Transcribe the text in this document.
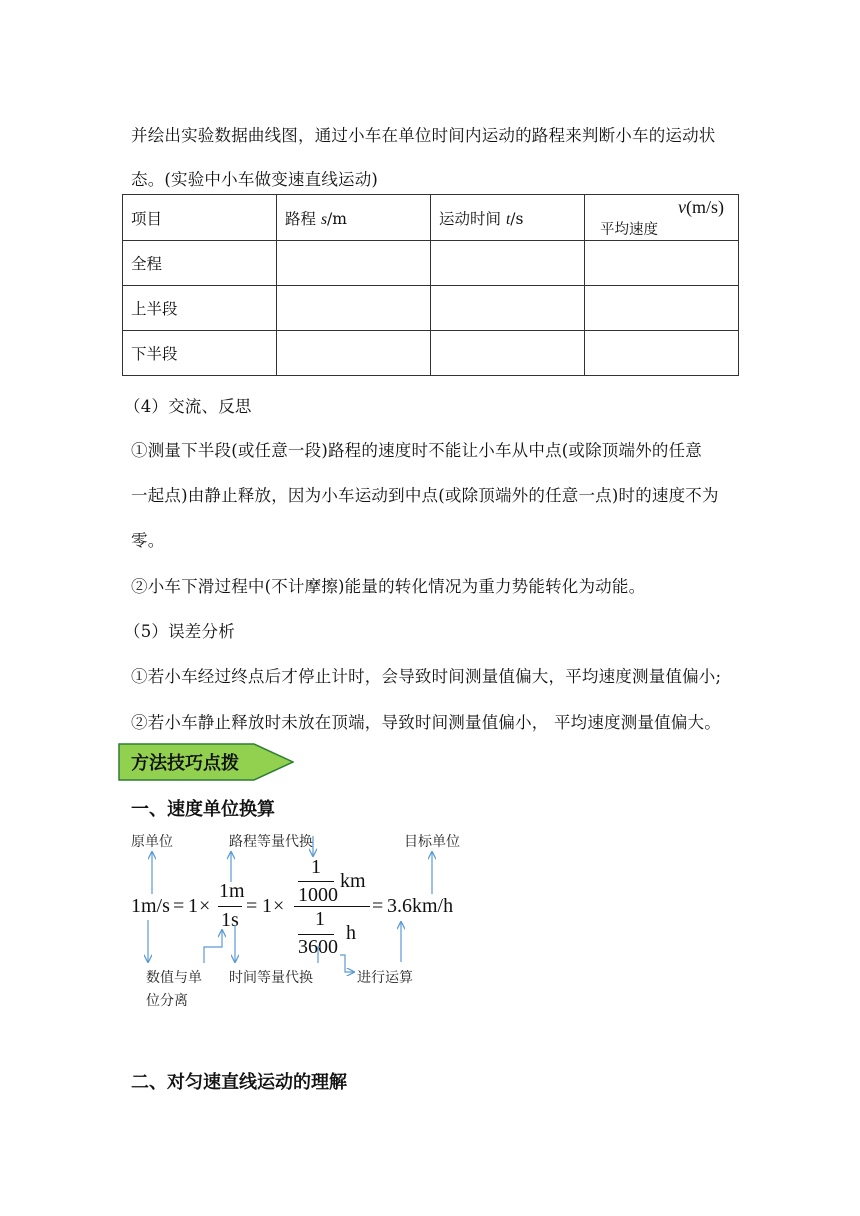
并绘出实验数据曲线图，通过小车在单位时间内运动的路程来判断小车的运动状
态。(实验中小车做变速直线运动)
项目	路程 s/m	运动时间 t/s	v(m/s)
平均速度

全程			
上半段			
下半段			
（4）交流、反思
①测量下半段(或任意一段)路程的速度时不能让小车从中点(或除顶端外的任意
一起点)由静止释放，因为小车运动到中点(或除顶端外的任意一点)时的速度不为
零。
②小车下滑过程中(不计摩擦)能量的转化情况为重力势能转化为动能。
（5）误差分析
①若小车经过终点后才停止计时，会导致时间测量值偏大，平均速度测量值偏小;
②若小车静止释放时未放在顶端，导致时间测量值偏小， 平均速度测量值偏大。
方法技巧点拨
一、速度单位换算
原单位	路程等量代换	目标单位
数值与单
位分离
时间等量代换	进行运算
1m/s = 1 ×
1m
1s
= 1 ×
1
1000
km
1
3600
h
= 3.6km/h
二、对匀速直线运动的理解
